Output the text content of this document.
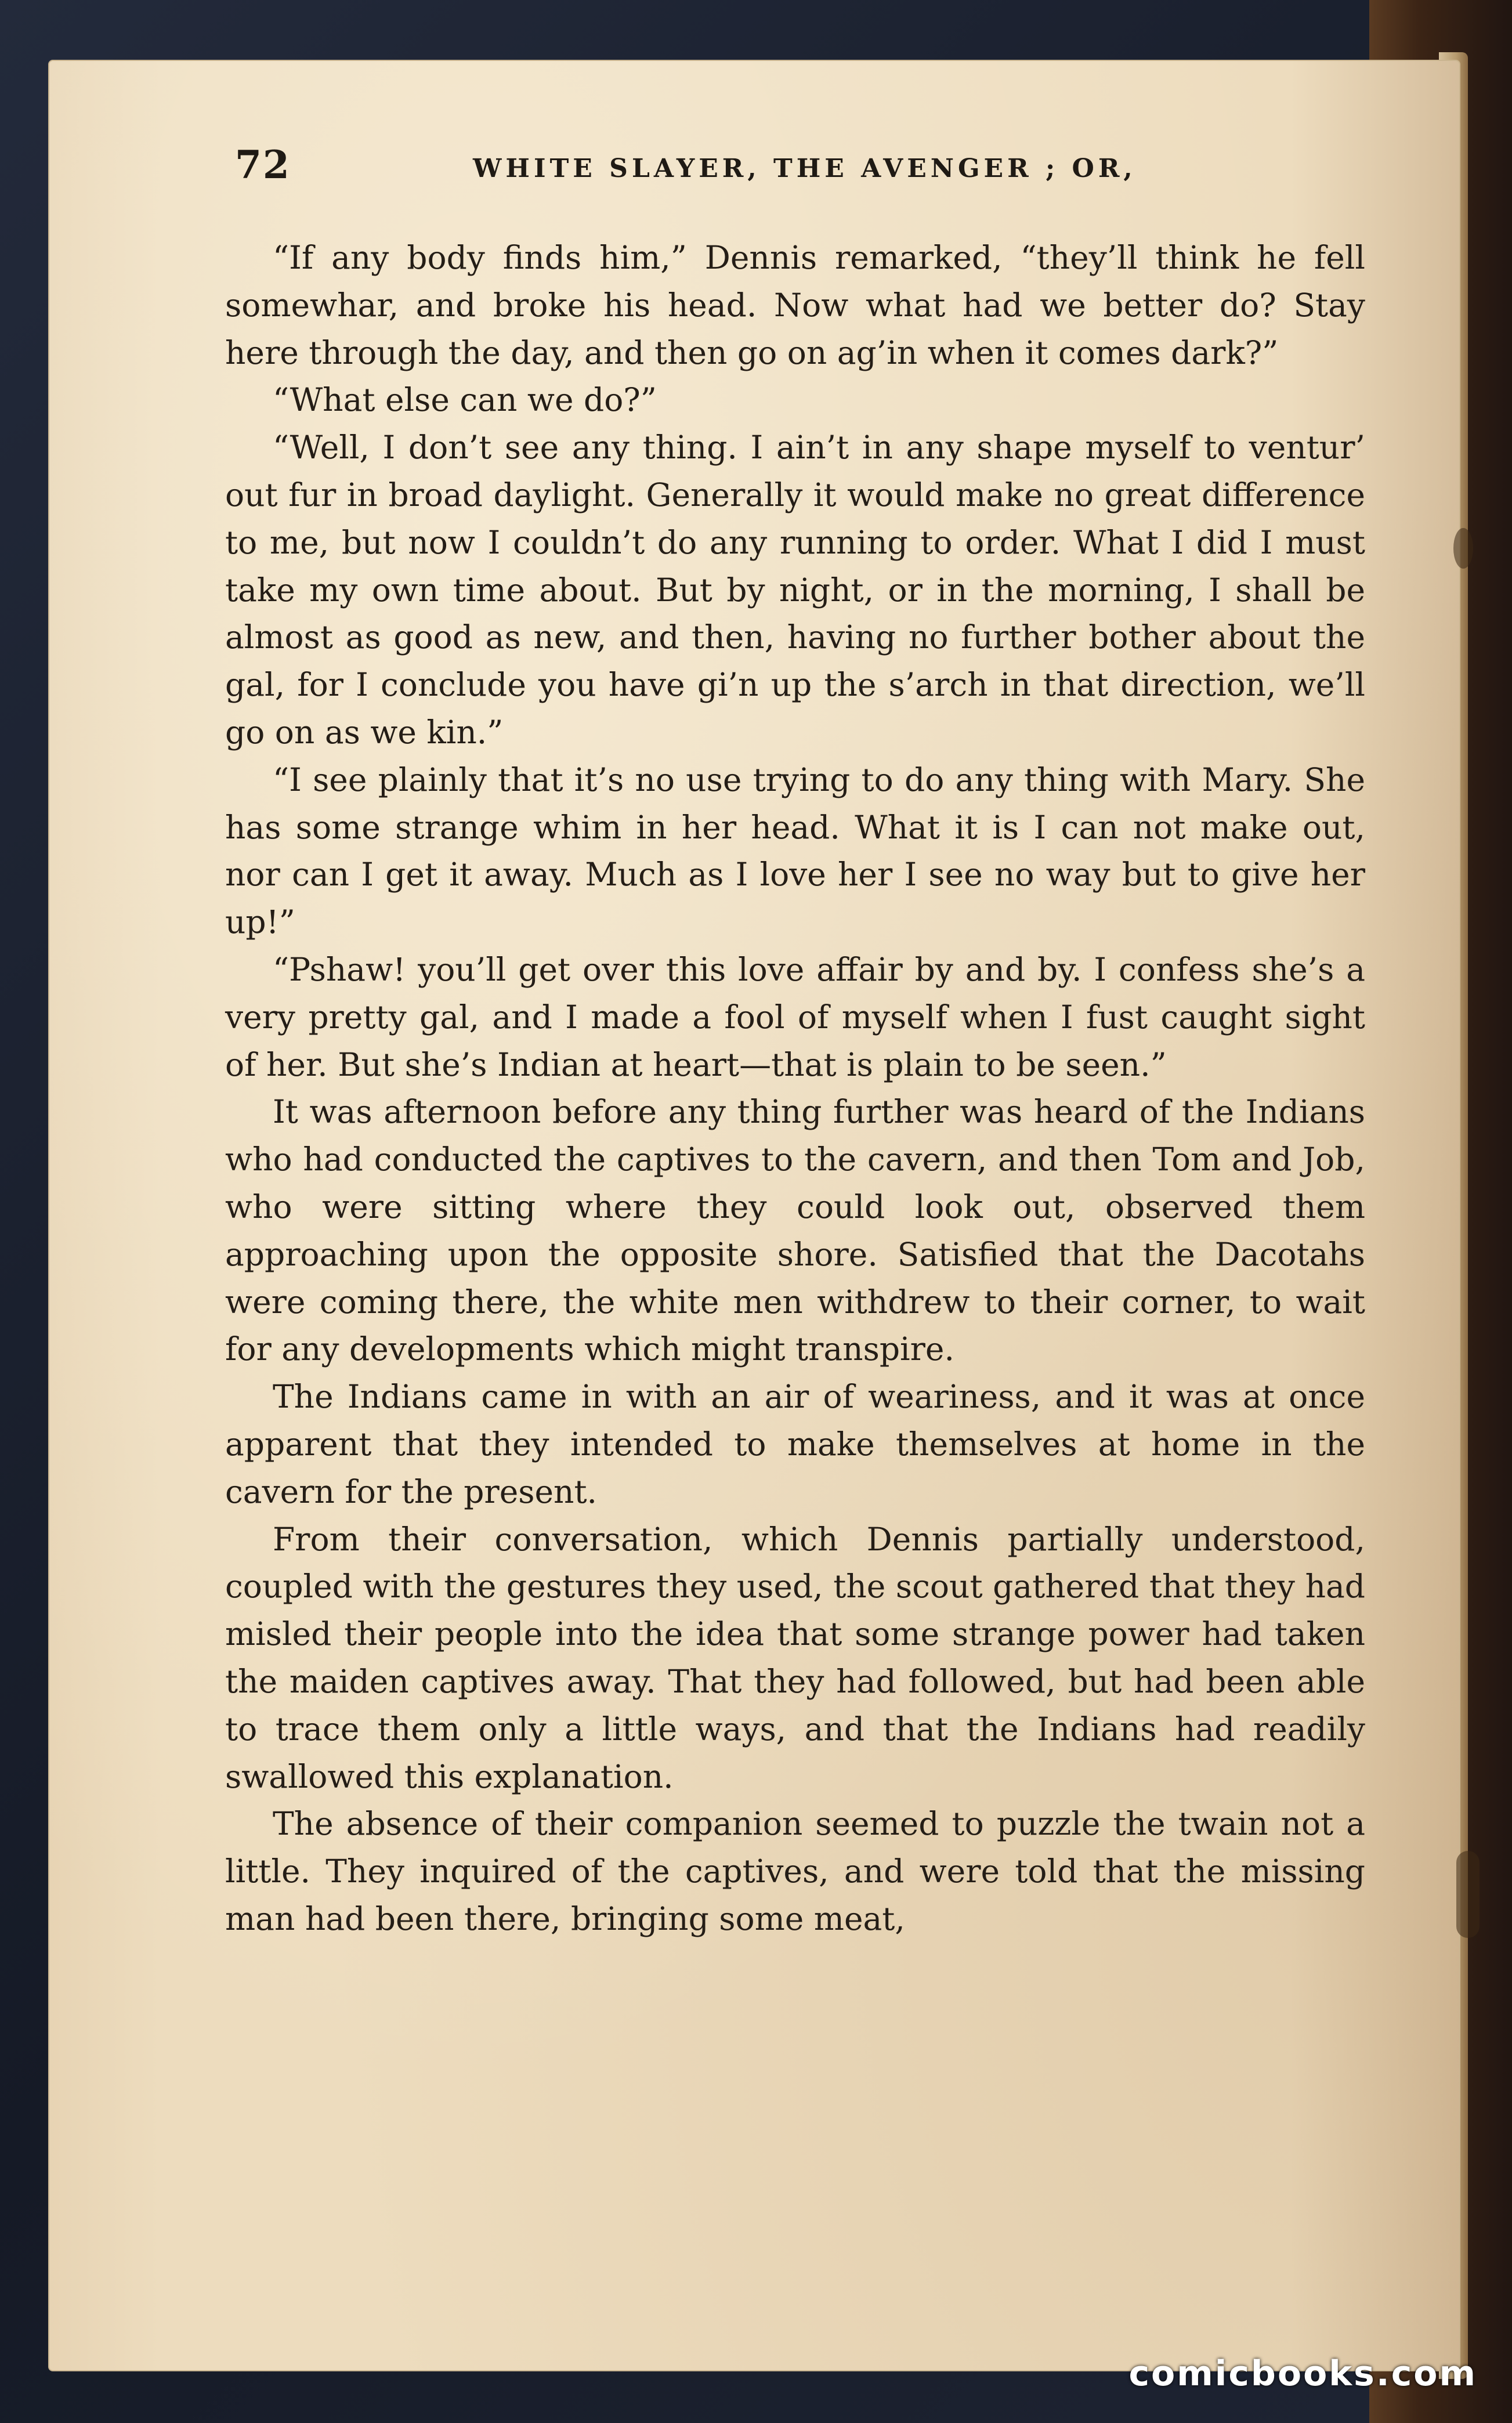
72	WHITE SLAYER, THE AVENGER ; OR,

“If any body finds him,” Dennis remarked, “they’ll think he fell somewhar, and broke his head. Now what had we better do? Stay here through the day, and then go on ag’in when it comes dark?”

“What else can we do?”

“Well, I don’t see any thing. I ain’t in any shape myself to ventur’ out fur in broad daylight. Generally it would make no great difference to me, but now I couldn’t do any running to order. What I did I must take my own time about. But by night, or in the morning, I shall be almost as good as new, and then, having no further bother about the gal, for I conclude you have gi’n up the s’arch in that direction, we’ll go on as we kin.”

“I see plainly that it’s no use trying to do any thing with Mary. She has some strange whim in her head. What it is I can not make out, nor can I get it away. Much as I love her I see no way but to give her up!”

“Pshaw! you’ll get over this love affair by and by. I confess she’s a very pretty gal, and I made a fool of myself when I fust caught sight of her. But she’s Indian at heart—that is plain to be seen.”

It was afternoon before any thing further was heard of the Indians who had conducted the captives to the cavern, and then Tom and Job, who were sitting where they could look out, observed them approaching upon the opposite shore. Satisfied that the Dacotahs were coming there, the white men withdrew to their corner, to wait for any developments which might transpire.

The Indians came in with an air of weariness, and it was at once apparent that they intended to make themselves at home in the cavern for the present.

From their conversation, which Dennis partially understood, coupled with the gestures they used, the scout gathered that they had misled their people into the idea that some strange power had taken the maiden captives away. That they had followed, but had been able to trace them only a little ways, and that the Indians had readily swallowed this explanation.

The absence of their companion seemed to puzzle the twain not a little. They inquired of the captives, and were told that the missing man had been there, bringing some meat,

comicbooks.com
